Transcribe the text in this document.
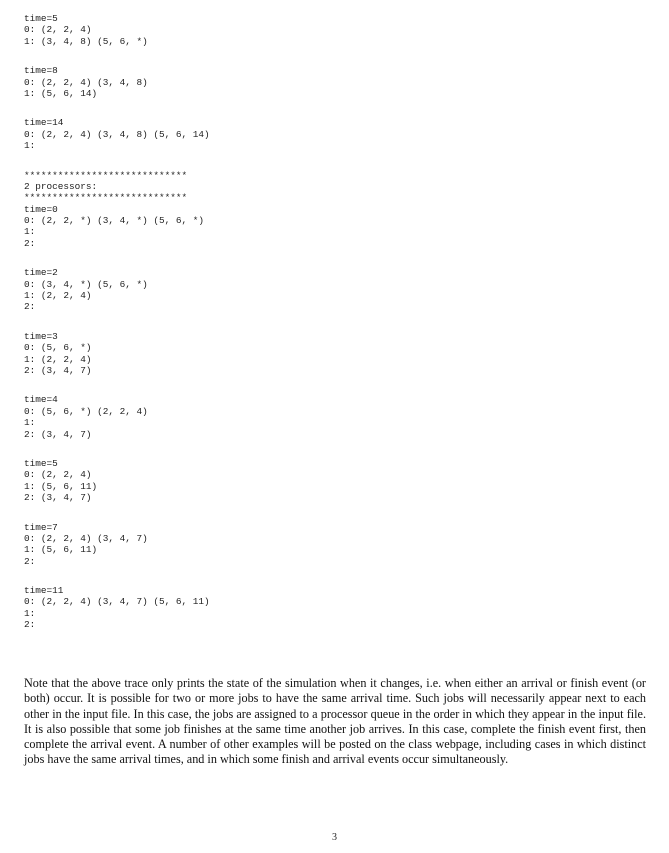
time=5
0: (2, 2, 4)
1: (3, 4, 8) (5, 6, *)
time=8
0: (2, 2, 4) (3, 4, 8)
1: (5, 6, 14)
time=14
0: (2, 2, 4) (3, 4, 8) (5, 6, 14)
1:
*****************************
2 processors:
*****************************
time=0
0: (2, 2, *) (3, 4, *) (5, 6, *)
1:
2:
time=2
0: (3, 4, *) (5, 6, *)
1: (2, 2, 4)
2:
time=3
0: (5, 6, *)
1: (2, 2, 4)
2: (3, 4, 7)
time=4
0: (5, 6, *) (2, 2, 4)
1:
2: (3, 4, 7)
time=5
0: (2, 2, 4)
1: (5, 6, 11)
2: (3, 4, 7)
time=7
0: (2, 2, 4) (3, 4, 7)
1: (5, 6, 11)
2:
time=11
0: (2, 2, 4) (3, 4, 7) (5, 6, 11)
1:
2:

Note that the above trace only prints the state of the simulation when it changes, i.e. when either an arrival or finish event (or both) occur. It is possible for two or more jobs to have the same arrival time. Such jobs will necessarily appear next to each other in the input file. In this case, the jobs are assigned to a processor queue in the order in which they appear in the input file. It is also possible that some job finishes at the same time another job arrives. In this case, complete the finish event first, then complete the arrival event. A number of other examples will be posted on the class webpage, including cases in which distinct jobs have the same arrival times, and in which some finish and arrival events occur simultaneously.

3
